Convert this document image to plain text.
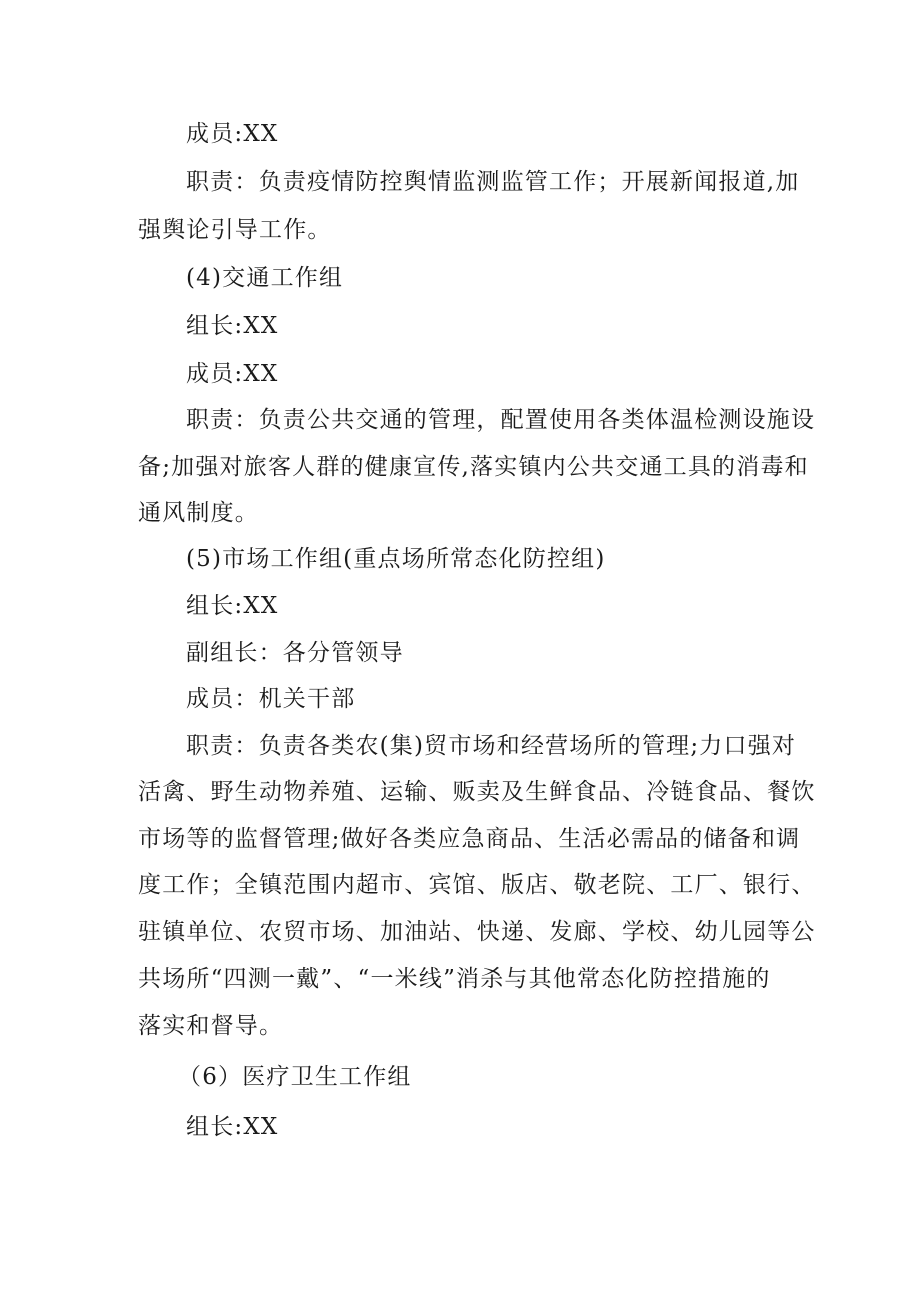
成员:XX
职责：负责疫情防控舆情监测监管工作；开展新闻报道,加
强舆论引导工作。
(4)交通工作组
组长:XX
成员:XX
职责：负责公共交通的管理，配置使用各类体温检测设施设
备;加强对旅客人群的健康宣传,落实镇内公共交通工具的消毒和
通风制度。
(5)市场工作组(重点场所常态化防控组)
组长:XX
副组长：各分管领导
成员：机关干部
职责：负责各类农(集)贸市场和经营场所的管理;力口强对
活禽、野生动物养殖、运输、贩卖及生鲜食品、冷链食品、餐饮
市场等的监督管理;做好各类应急商品、生活必需品的储备和调
度工作；全镇范围内超市、宾馆、版店、敬老院、工厂、银行、
驻镇单位、农贸市场、加油站、快递、发廊、学校、幼儿园等公
共场所“四测一戴”、“一米线”消杀与其他常态化防控措施的
落实和督导。
（6）医疗卫生工作组
组长:XX
